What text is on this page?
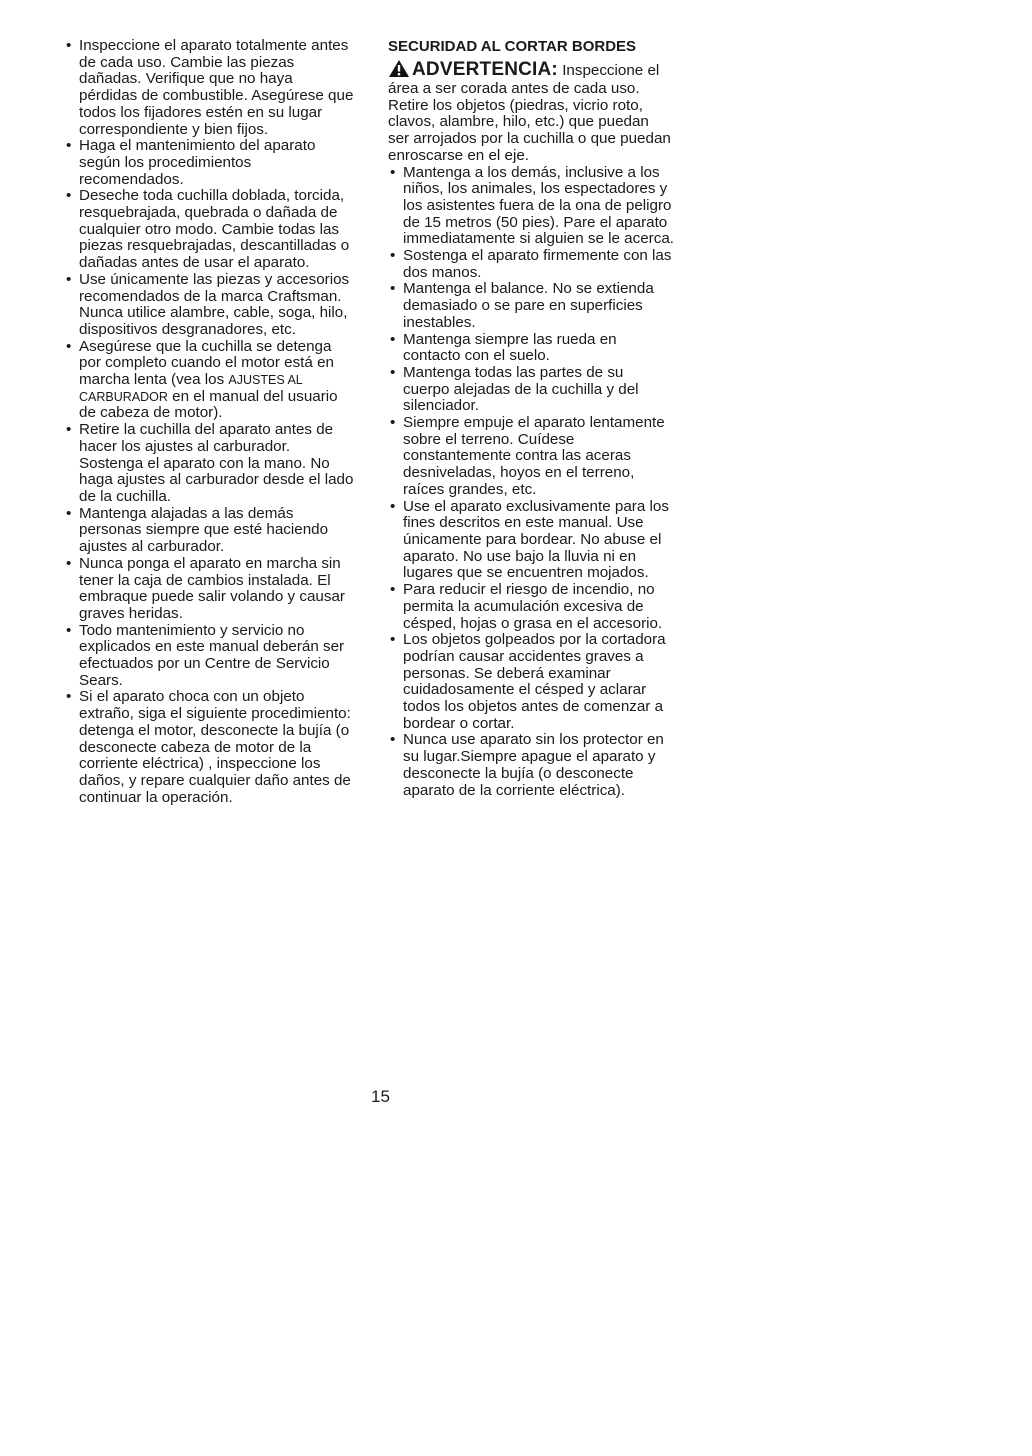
• Inspeccione el aparato totalmente antes de cada uso. Cambie las piezas dañadas. Verifique que no haya pérdidas de combustible. Asegúrese que todos los fijadores estén en su lugar correspondiente y bien fijos.
• Haga el mantenimiento del aparato según los procedimientos recomendados.
• Deseche toda cuchilla doblada, torcida, resquebrajada, quebrada o dañada de cualquier otro modo. Cambie todas las piezas resquebrajadas, descantilladas o dañadas antes de usar el aparato.
• Use únicamente las piezas y accesorios recomendados de la marca Craftsman. Nunca utilice alambre, cable, soga, hilo, dispositivos desgranadores, etc.
• Asegúrese que la cuchilla se detenga por completo cuando el motor está en marcha lenta (vea los AJUSTES AL CARBURADOR en el manual del usuario de cabeza de motor).
• Retire la cuchilla del aparato antes de hacer los ajustes al carburador. Sostenga el aparato con la mano. No haga ajustes al carburador desde el lado de la cuchilla.
• Mantenga alajadas a las demás personas siempre que esté haciendo ajustes al carburador.
• Nunca ponga el aparato en marcha sin tener la caja de cambios instalada. El embraque puede salir volando y causar graves heridas.
• Todo mantenimiento y servicio no explicados en este manual deberán ser efectuados por un Centre de Servicio Sears.
• Si el aparato choca con un objeto extraño, siga el siguiente procedimiento: detenga el motor, desconecte la bujía (o desconecte cabeza de motor de la corriente eléctrica) , inspeccione los daños, y repare cualquier daño antes de continuar la operación.
SECURIDAD AL CORTAR BORDES
ADVERTENCIA: Inspeccione el área a ser corada antes de cada uso. Retire los objetos (piedras, vicrio roto, clavos, alambre, hilo, etc.) que puedan ser arrojados por la cuchilla o que puedan enroscarse en el eje.
• Mantenga a los demás, inclusive a los niños, los animales, los espectadores y los asistentes fuera de la ona de peligro de 15 metros (50 pies). Pare el aparato immediatamente si alguien se le acerca.
• Sostenga el aparato firmemente con las dos manos.
• Mantenga el balance. No se extienda demasiado o se pare en superficies inestables.
• Mantenga siempre las rueda en contacto con el suelo.
• Mantenga todas las partes de su cuerpo alejadas de la cuchilla y del silenciador.
• Siempre empuje el aparato lentamente sobre el terreno. Cuídese constantemente contra las aceras desniveladas, hoyos en el terreno, raíces grandes, etc.
• Use el aparato exclusivamente para los fines descritos en este manual. Use únicamente para bordear. No abuse el aparato. No use bajo la lluvia ni en lugares que se encuentren mojados.
• Para reducir el riesgo de incendio, no permita la acumulación excesiva de césped, hojas o grasa en el accesorio.
• Los objetos golpeados por la cortadora podrían causar accidentes graves a personas. Se deberá examinar cuidadosamente el césped y aclarar todos los objetos antes de comenzar a bordear o cortar.
• Nunca use aparato sin los protector en su lugar.Siempre apague el aparato y desconecte la bujía (o desconecte aparato de la corriente eléctrica).
15
